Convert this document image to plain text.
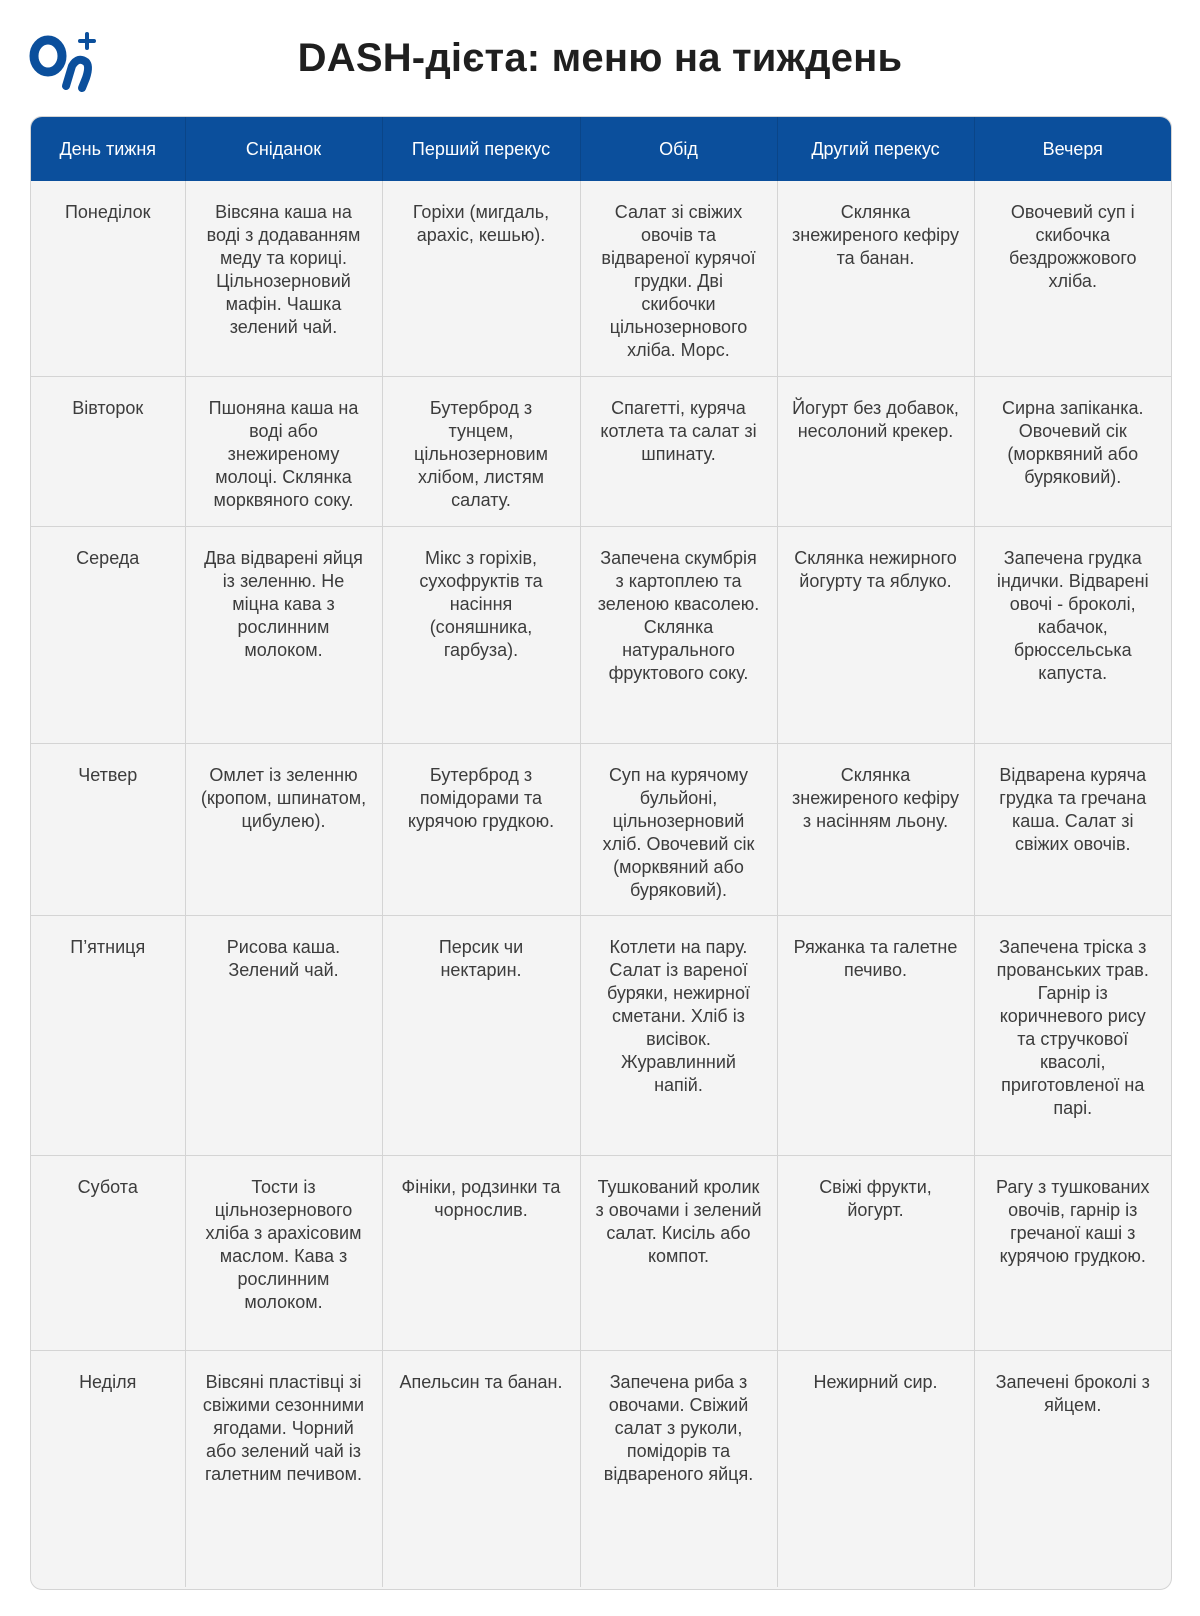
DASH-дієта: меню на тиждень
День тижня	Сніданок	Перший перекус	Обід	Другий перекус	Вечеря
Понеділок	Вівсяна каша на воді з додаванням меду та кориці. Цільнозерновий мафін. Чашка зелений чай.	Горіхи (мигдаль, арахіс, кешью).	Салат зі свіжих овочів та відвареної курячої грудки. Дві скибочки цільнозернового хліба. Морс.	Склянка знежиреного кефіру та банан.	Овочевий суп і скибочка бездрожжового хліба.
Вівторок	Пшоняна каша на воді або знежиреному молоці. Склянка морквяного соку.	Бутерброд з тунцем, цільнозерновим хлібом, листям салату.	Спагетті, куряча котлета та салат зі шпинату.	Йогурт без добавок, несолоний крекер.	Сирна запіканка. Овочевий сік (морквяний або буряковий).
Середа	Два відварені яйця із зеленню. Не міцна кава з рослинним молоком.	Мікс з горіхів, сухофруктів та насіння (соняшника, гарбуза).	Запечена скумбрія з картоплею та зеленою квасолею. Склянка натурального фруктового соку.	Склянка нежирного йогурту та яблуко.	Запечена грудка індички. Відварені овочі - броколі, кабачок, брюссельська капуста.
Четвер	Омлет із зеленню (кропом, шпинатом, цибулею).	Бутерброд з помідорами та курячою грудкою.	Суп на курячому бульйоні, цільнозерновий хліб. Овочевий сік (морквяний або буряковий).	Склянка знежиреного кефіру з насінням льону.	Відварена куряча грудка та гречана каша. Салат зі свіжих овочів.
П’ятниця	Рисова каша. Зелений чай.	Персик чи нектарин.	Котлети на пару. Салат із вареної буряки, нежирної сметани. Хліб із висівок. Журавлинний напій.	Ряжанка та галетне печиво.	Запечена тріска з прованських трав. Гарнір із коричневого рису та стручкової квасолі, приготовленої на парі.
Субота	Тости із цільнозернового хліба з арахісовим маслом. Кава з рослинним молоком.	Фініки, родзинки та чорнослив.	Тушкований кролик з овочами і зелений салат. Кисіль або компот.	Свіжі фрукти, йогурт.	Рагу з тушкованих овочів, гарнір із гречаної каші з курячою грудкою.
Неділя	Вівсяні пластівці зі свіжими сезонними ягодами. Чорний або зелений чай із галетним печивом.	Апельсин та банан.	Запечена риба з овочами. Свіжий салат з руколи, помідорів та відвареного яйця.	Нежирний сир.	Запечені броколі з яйцем.
